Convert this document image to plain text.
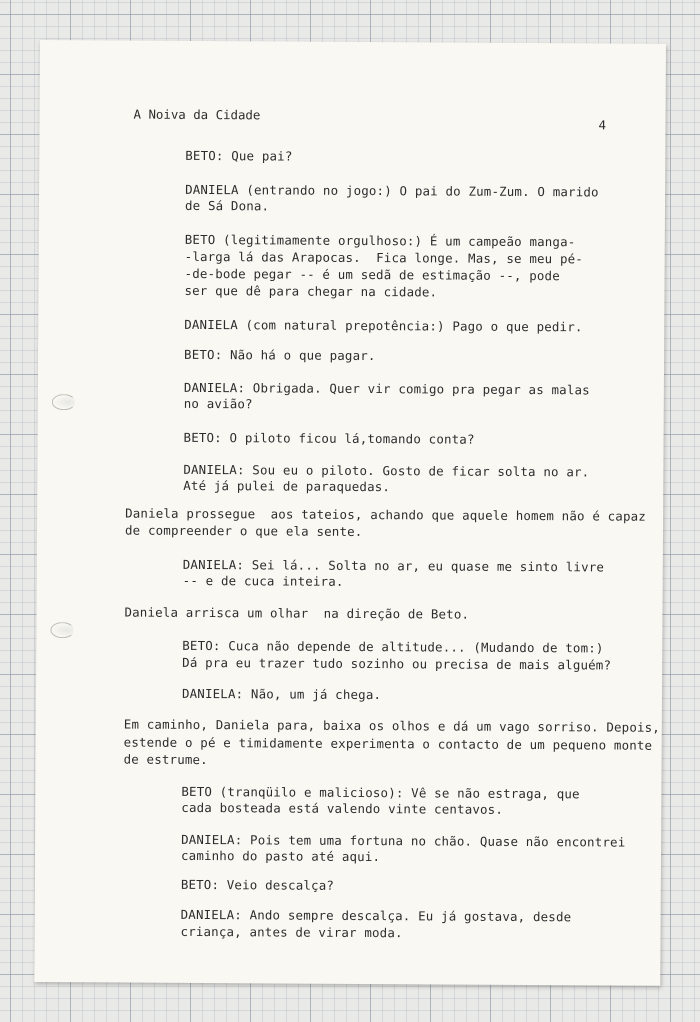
A Noiva da Cidade
4
BETO: Que pai?
DANIELA (entrando no jogo:) O pai do Zum-Zum. O marido
de Sá Dona.
BETO (legitimamente orgulhoso:) É um campeão manga-
-larga lá das Arapocas.  Fica longe. Mas, se meu pé-
-de-bode pegar -- é um sedã de estimação --, pode
ser que dê para chegar na cidade.
DANIELA (com natural prepotência:) Pago o que pedir.
BETO: Não há o que pagar.
DANIELA: Obrigada. Quer vir comigo pra pegar as malas
no avião?
BETO: O piloto ficou lá,tomando conta?
DANIELA: Sou eu o piloto. Gosto de ficar solta no ar.
Até já pulei de paraquedas.
Daniela prossegue  aos tateios, achando que aquele homem não é capaz
de compreender o que ela sente.
DANIELA: Sei lá... Solta no ar, eu quase me sinto livre
-- e de cuca inteira.
Daniela arrisca um olhar  na direção de Beto.
BETO: Cuca não depende de altitude... (Mudando de tom:)
Dá pra eu trazer tudo sozinho ou precisa de mais alguém?
DANIELA: Não, um já chega.
Em caminho, Daniela para, baixa os olhos e dá um vago sorriso. Depois,
estende o pé e timidamente experimenta o contacto de um pequeno monte
de estrume.
BETO (tranqüilo e malicioso): Vê se não estraga, que
cada bosteada está valendo vinte centavos.
DANIELA: Pois tem uma fortuna no chão. Quase não encontrei
caminho do pasto até aqui.
BETO: Veio descalça?
DANIELA: Ando sempre descalça. Eu já gostava, desde
criança, antes de virar moda.
